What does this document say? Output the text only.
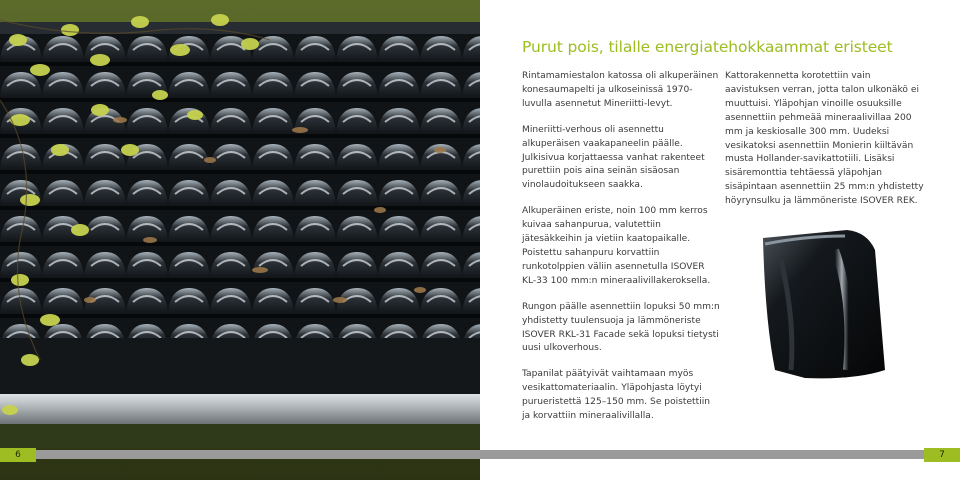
Purut pois, tilalle energiatehokkaammat eristeet

Rintamamiestalon katossa oli alkuperäinen konesaumapelti ja ulkoseinissä 1970-luvulla asennetut Mineriitti-levyt.

Mineriitti-verhous oli asennettu alkuperäisen vaakapaneelin päälle. Julkisivua korjattaessa vanhat rakenteet purettiin pois aina seinän sisäosan vinolaudoitukseen saakka.

Alkuperäinen eriste, noin 100 mm kerros kuivaa sahanpurua, valutettiin jätesäkkeihin ja vietiin kaatopaikalle. Poistettu sahanpuru korvattiin runkotolppien väliin asennetulla ISOVER KL-33 100 mm:n mineraalivillakeroksella.

Rungon päälle asennettiin lopuksi 50 mm:n yhdistetty tuulensuoja ja lämmöneriste ISOVER RKL-31 Facade sekä lopuksi tietysti uusi ulkoverhous.

Tapanilat päätyivät vaihtamaan myös vesikattomateriaalin. Yläpohjasta löytyi purueristettä 125–150 mm. Se poistettiin ja korvattiin mineraalivillalla.

Kattorakennetta korotettiin vain aavistuksen verran, jotta talon ulkonäkö ei muuttuisi. Yläpohjan vinoille osuuksille asennettiin pehmeää mineraalivillaa 200 mm ja keskiosalle 300 mm. Uudeksi vesikatoksi asennettiin Monierin kiiltävän musta Hollander-savikattotiili. Lisäksi sisäremonttia tehtäessä yläpohjan sisäpintaan asennettiin 25 mm:n yhdistetty höyrynsulku ja lämmöneriste ISOVER REK.

6	7
